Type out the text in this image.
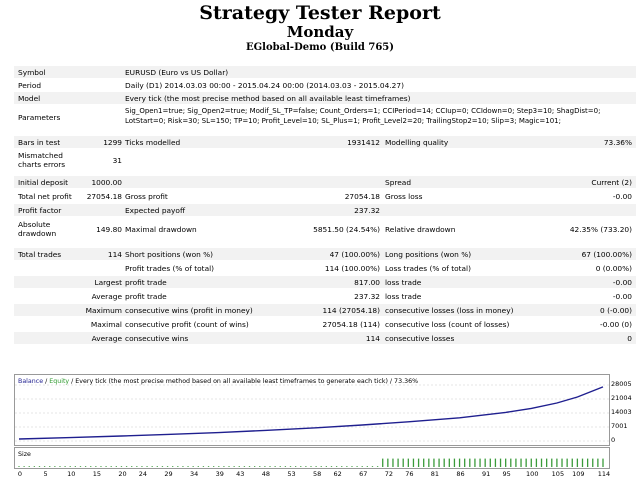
Strategy Tester Report
Monday
EGlobal-Demo (Build 765)
Symbol	EURUSD (Euro vs US Dollar)
Period	Daily (D1) 2014.03.03 00:00 - 2015.04.24 00:00 (2014.03.03 - 2015.04.27)
Model	Every tick (the most precise method based on all available least timeframes)
Parameters
Sig_Open1=true; Sig_Open2=true; Modif_SL_TP=false; Count_Orders=1; CCIPeriod=14; CCIup=0; CCIdown=0; Step3=10; ShagDist=0;
LotStart=0; Risk=30; SL=150; TP=10; Profit_Level=10; SL_Plus=1; Profit_Level2=20; TrailingStop2=10; Slip=3; Magic=101;
Bars in test	1299 Ticks modelled	1931412 Modelling quality	73.36%
Mismatched
charts errors	31
Initial deposit	1000.00	Spread	Current (2)
Total net profit	27054.18 Gross profit	27054.18 Gross loss	-0.00
Profit factor	Expected payoff	237.32
Absolute
drawdown	149.80 Maximal drawdown	5851.50 (24.54%) Relative drawdown	42.35% (733.20)
Total trades	114 Short positions (won %)	47 (100.00%) Long positions (won %)	67 (100.00%)
Profit trades (% of total)	114 (100.00%) Loss trades (% of total)	0 (0.00%)
Largest profit trade	817.00 loss trade	-0.00
Average profit trade	237.32 loss trade	-0.00
Maximum consecutive wins (profit in money)	114 (27054.18) consecutive losses (loss in money)	0 (-0.00)
Maximal consecutive profit (count of wins)	27054.18 (114) consecutive loss (count of losses)	-0.00 (0)
Average consecutive wins	114 consecutive losses	0
Balance / Equity / Every tick (the most precise method based on all available least timeframes to generate each tick) / 73.36%	28005
21004
14003
7001
0
Size
0	5	10	15	20	24	29	34	39	43	48	53	58	62	67	72	76	81	86	91	95	100 105 109 114
